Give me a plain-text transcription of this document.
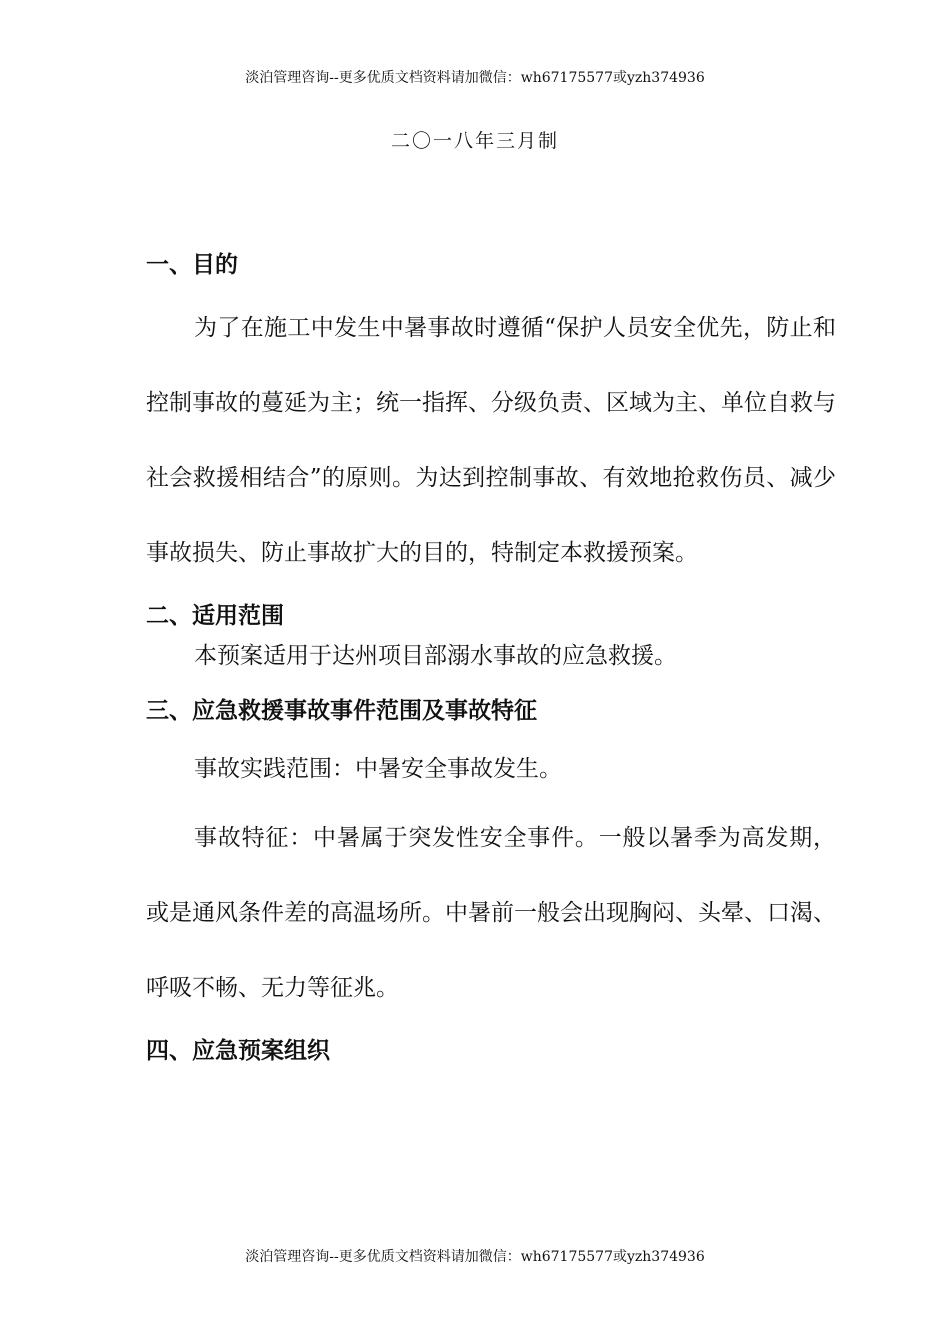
淡泊管理咨询--更多优质文档资料请加微信：wh67175577或yzh374936
二〇一八年三月制
一、目的

为了在施工中发生中暑事故时遵循“保护人员安全优先，防止和控制事故的蔓延为主；统一指挥、分级负责、区域为主、单位自救与社会救援相结合”的原则。为达到控制事故、有效地抢救伤员、减少事故损失、防止事故扩大的目的，特制定本救援预案。

二、适用范围

本预案适用于达州项目部溺水事故的应急救援。

三、应急救援事故事件范围及事故特征

事故实践范围：中暑安全事故发生。

事故特征：中暑属于突发性安全事件。一般以暑季为高发期，或是通风条件差的高温场所。中暑前一般会出现胸闷、头晕、口渴、呼吸不畅、无力等征兆。

四、应急预案组织
淡泊管理咨询--更多优质文档资料请加微信：wh67175577或yzh374936
